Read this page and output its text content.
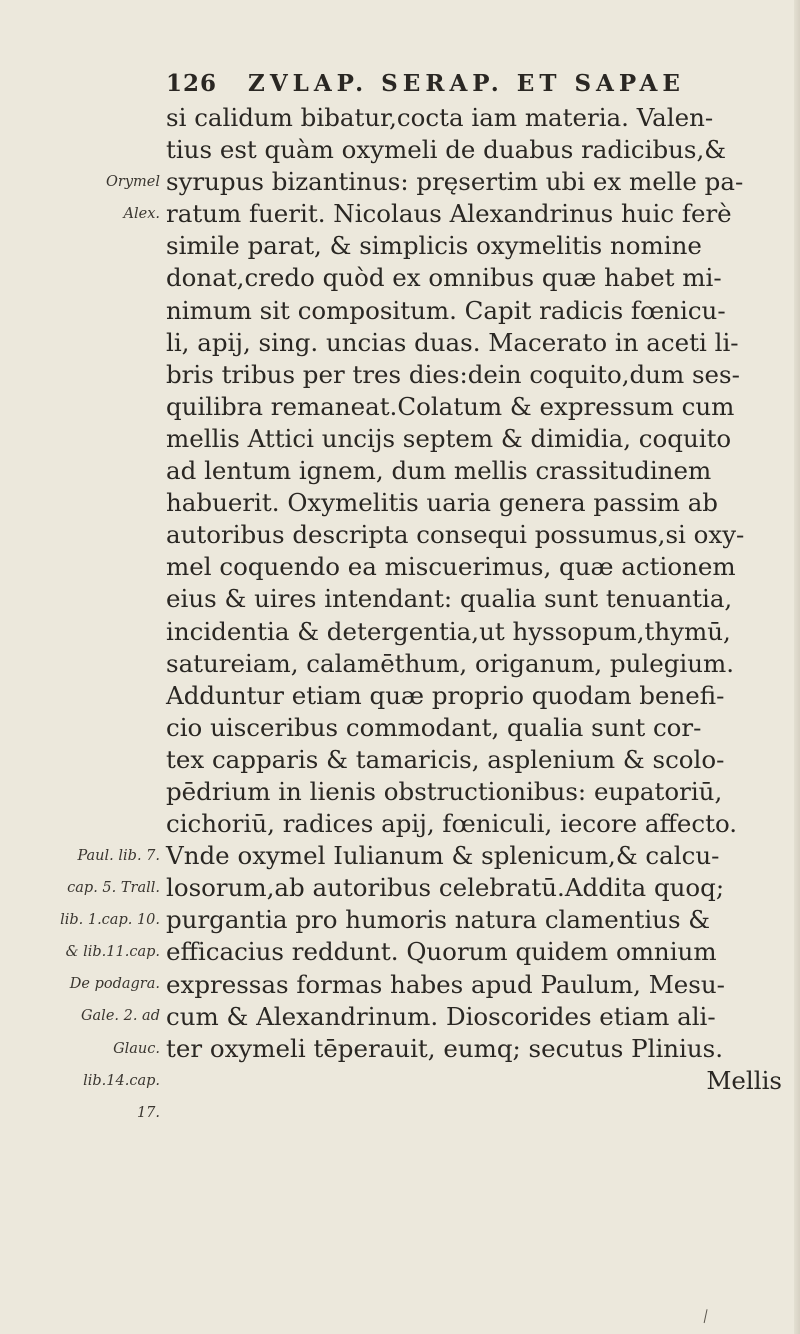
126 ZVLAP. SERAP. ET SAPAE
Orymel
Alex.
si calidum bibatur,cocta iam materia. Valen-
tius est quàm oxymeli de duabus radicibus,&
syrupus bizantinus: pręsertim ubi ex melle pa-
ratum fuerit. Nicolaus Alexandrinus huic ferè
simile parat, & simplicis oxymelitis nomine
donat,credo quòd ex omnibus quæ habet mi-
nimum sit compositum. Capit radicis fœnicu-
li, apij, sing. uncias duas. Macerato in aceti li-
bris tribus per tres dies:dein coquito,dum ses-
quilibra remaneat.Colatum & expressum cum
mellis Attici uncijs septem & dimidia, coquito
ad lentum ignem, dum mellis crassitudinem
habuerit. Oxymelitis uaria genera passim ab
autoribus descripta consequi possumus,si oxy-
mel coquendo ea miscuerimus, quæ actionem
eius & uires intendant: qualia sunt tenuantia,
incidentia & detergentia,ut hyssopum,thymū,
satureiam, calamēthum, origanum, pulegium.
Adduntur etiam quæ proprio quodam benefi-
cio uisceribus commodant, qualia sunt cor-
tex capparis & tamaricis, asplenium & scolo-
pēdrium in lienis obstructionibus: eupatoriū,
cichoriū, radices apij, fœniculi, iecore affecto.
Vnde oxymel Iulianum & splenicum,& calcu-
losorum,ab autoribus celebratū.Addita quoq;
purgantia pro humoris natura clamentius &
efficacius reddunt. Quorum quidem omnium
expressas formas habes apud Paulum, Mesu-
cum & Alexandrinum. Dioscorides etiam ali-
ter oxymeli tēperauit, eumq; secutus Plinius.
Mellis
Paul. lib. 7.
cap. 5. Trall.
lib. 1.cap. 10.
& lib.11.cap.
De podagra.
Gale. 2. ad
Glauc.
lib.14.cap.
17.
